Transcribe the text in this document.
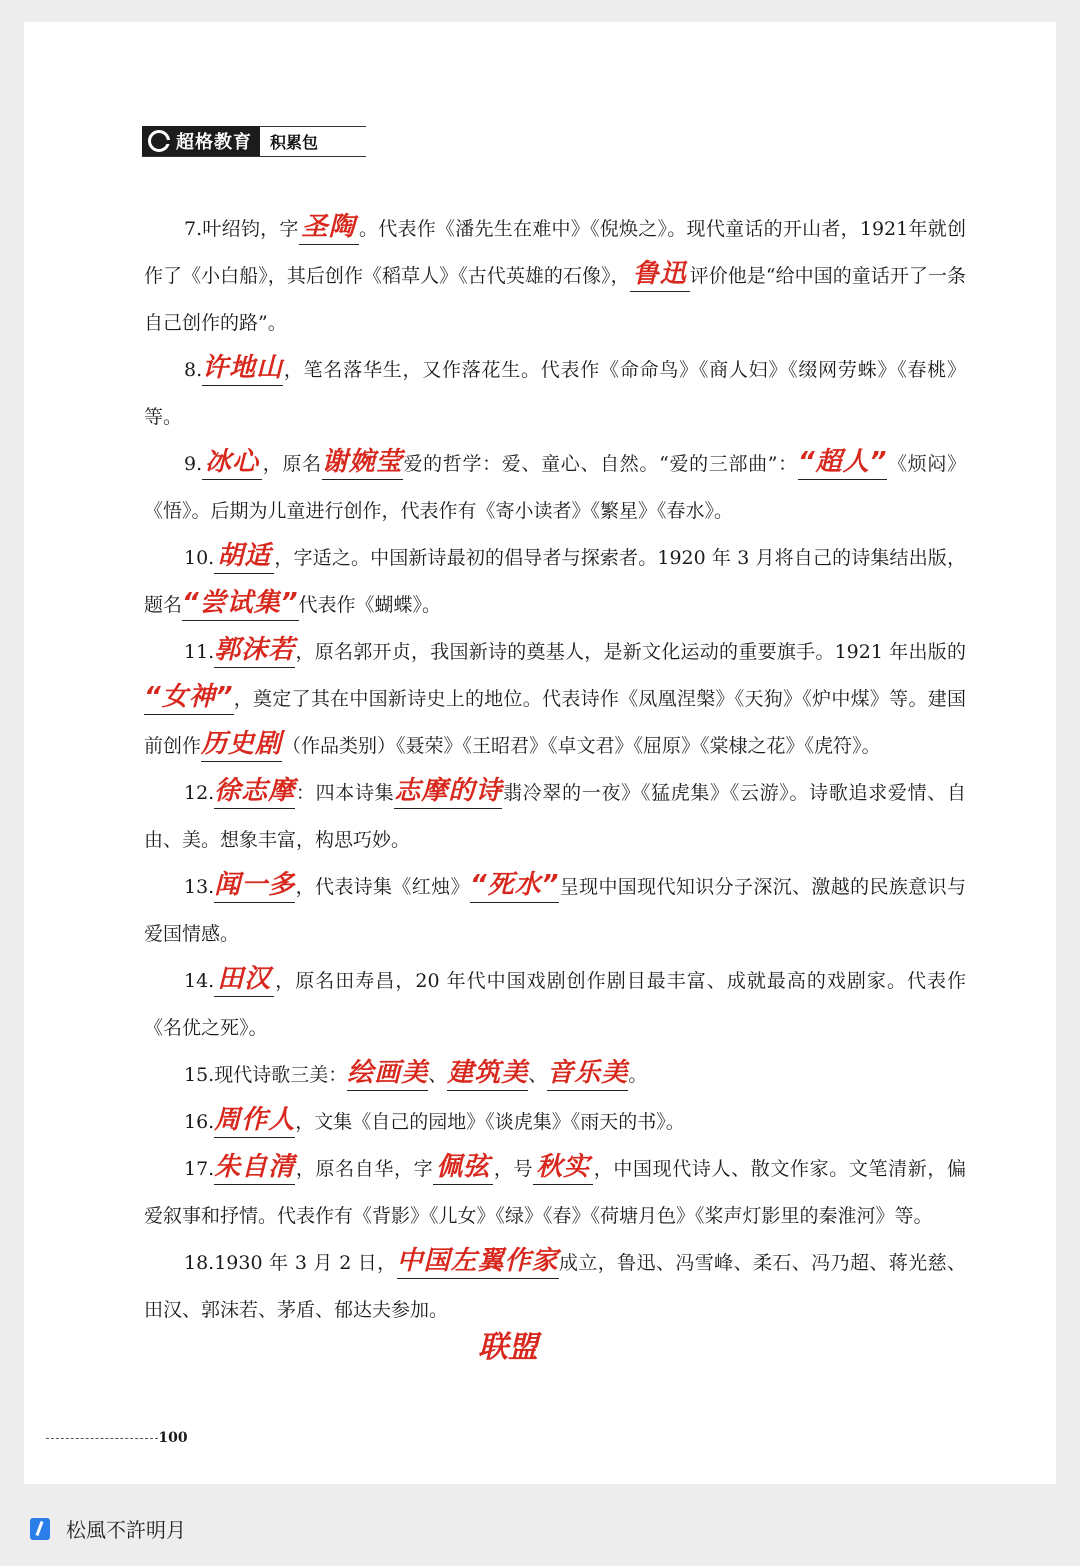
超格教育	积累包

7.叶绍钧，字 圣陶 。代表作《潘先生在难中》《倪焕之》。现代童话的开山者，1921年就创作了《小白船》，其后创作《稻草人》《古代英雄的石像》， 鲁迅 评价他是“给中国的童话开了一条自己创作的路”。

8.许地山，笔名落华生，又作落花生。代表作《命命鸟》《商人妇》《缀网劳蛛》《春桃》等。

9. 冰心 ，原名谢婉莹爱的哲学：爱、童心、自然。“爱的三部曲”：“超人”《烦闷》《悟》。后期为儿童进行创作，代表作有《寄小读者》《繁星》《春水》。

10. 胡适 ，字适之。中国新诗最初的倡导者与探索者。1920 年 3 月将自己的诗集结出版，题名“尝试集”代表作《蝴蝶》。

11.郭沫若，原名郭开贞，我国新诗的奠基人，是新文化运动的重要旗手。1921 年出版的“女神”，奠定了其在中国新诗史上的地位。代表诗作《凤凰涅槃》《天狗》《炉中煤》等。建国前创作历史剧（作品类别）《聂荣》《王昭君》《卓文君》《屈原》《棠棣之花》《虎符》。

12.徐志摩：四本诗集志摩的诗翡冷翠的一夜》《猛虎集》《云游》。诗歌追求爱情、自由、美。想象丰富，构思巧妙。

13.闻一多，代表诗集《红烛》“死水”呈现中国现代知识分子深沉、激越的民族意识与爱国情感。

14. 田汉 ，原名田寿昌，20 年代中国戏剧创作剧目最丰富、成就最高的戏剧家。代表作《名优之死》。

15.现代诗歌三美：绘画美、建筑美、音乐美。

16.周作人，文集《自己的园地》《谈虎集》《雨天的书》。

17.朱自清，原名自华，字 佩弦 ，号 秋实 ，中国现代诗人、散文作家。文笔清新，偏爱叙事和抒情。代表作有《背影》《儿女》《绿》《春》《荷塘月色》《桨声灯影里的秦淮河》等。

18.1930 年 3 月 2 日，中国左翼作家成立，鲁迅、冯雪峰、柔石、冯乃超、蒋光慈、田汉、郭沫若、茅盾、郁达夫参加。

联盟
100
松風不許明月
